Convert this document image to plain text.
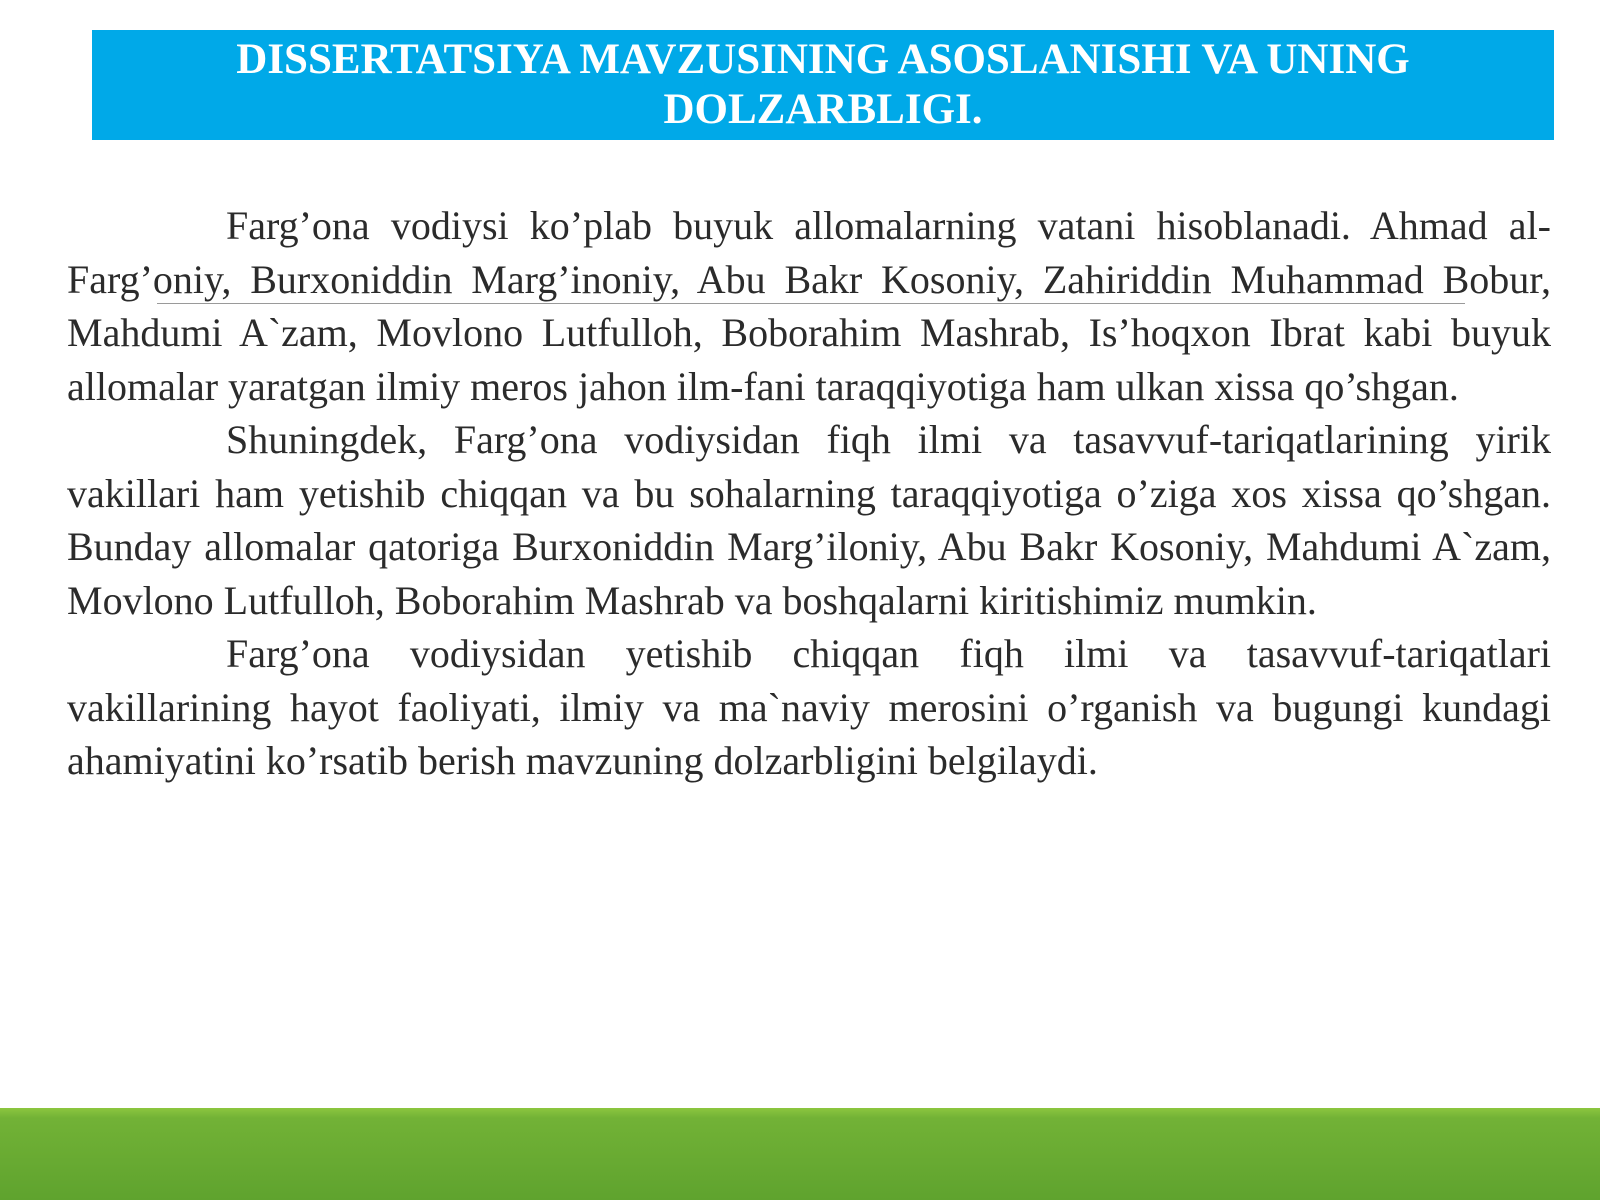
DISSERTATSIYA MAVZUSINING ASOSLANISHI VA UNING DOLZARBLIGI.

Farg’ona vodiysi ko’plab buyuk allomalarning vatani hisoblanadi. Ahmad al-Farg’oniy, Burxoniddin Marg’inoniy, Abu Bakr Kosoniy, Zahiriddin Muhammad Bobur, Mahdumi A`zam, Movlono Lutfulloh, Boborahim Mashrab, Is’hoqxon Ibrat kabi buyuk allomalar yaratgan ilmiy meros jahon ilm-fani taraqqiyotiga ham ulkan xissa qo’shgan.

Shuningdek, Farg’ona vodiysidan fiqh ilmi va tasavvuf-tariqatlarining yirik vakillari ham yetishib chiqqan va bu sohalarning taraqqiyotiga o’ziga xos xissa qo’shgan. Bunday allomalar qatoriga Burxoniddin Marg’iloniy, Abu Bakr Kosoniy, Mahdumi A`zam, Movlono Lutfulloh, Boborahim Mashrab va boshqalarni kiritishimiz mumkin.

Farg’ona vodiysidan yetishib chiqqan fiqh ilmi va tasavvuf-tariqatlari vakillarining hayot faoliyati, ilmiy va ma`naviy merosini o’rganish va bugungi kundagi ahamiyatini ko’rsatib berish mavzuning dolzarbligini belgilaydi.
